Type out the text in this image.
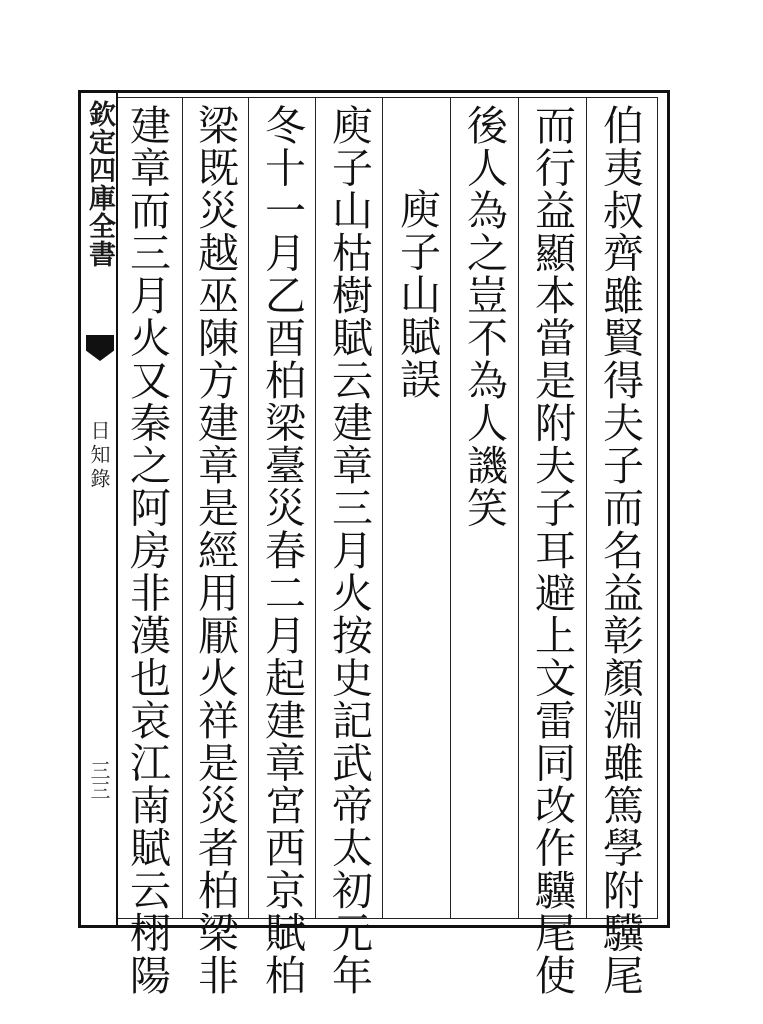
欽定四庫全書
日知錄
三三	伯夷叔齊雖賢得夫子而名益彰顏淵雖篤學附驥尾
而行益顯本當是附夫子耳避上文雷同改作驥尾使
後人為之豈不為人譏笑
庾子山賦誤
庾子山枯樹賦云建章三月火按史記武帝太初元年
冬十一月乙酉柏梁臺災春二月起建章宮西京賦柏
梁既災越巫陳方建章是經用厭火祥是災者柏梁非
建章而三月火又秦之阿房非漢也哀江南賦云栩陽
